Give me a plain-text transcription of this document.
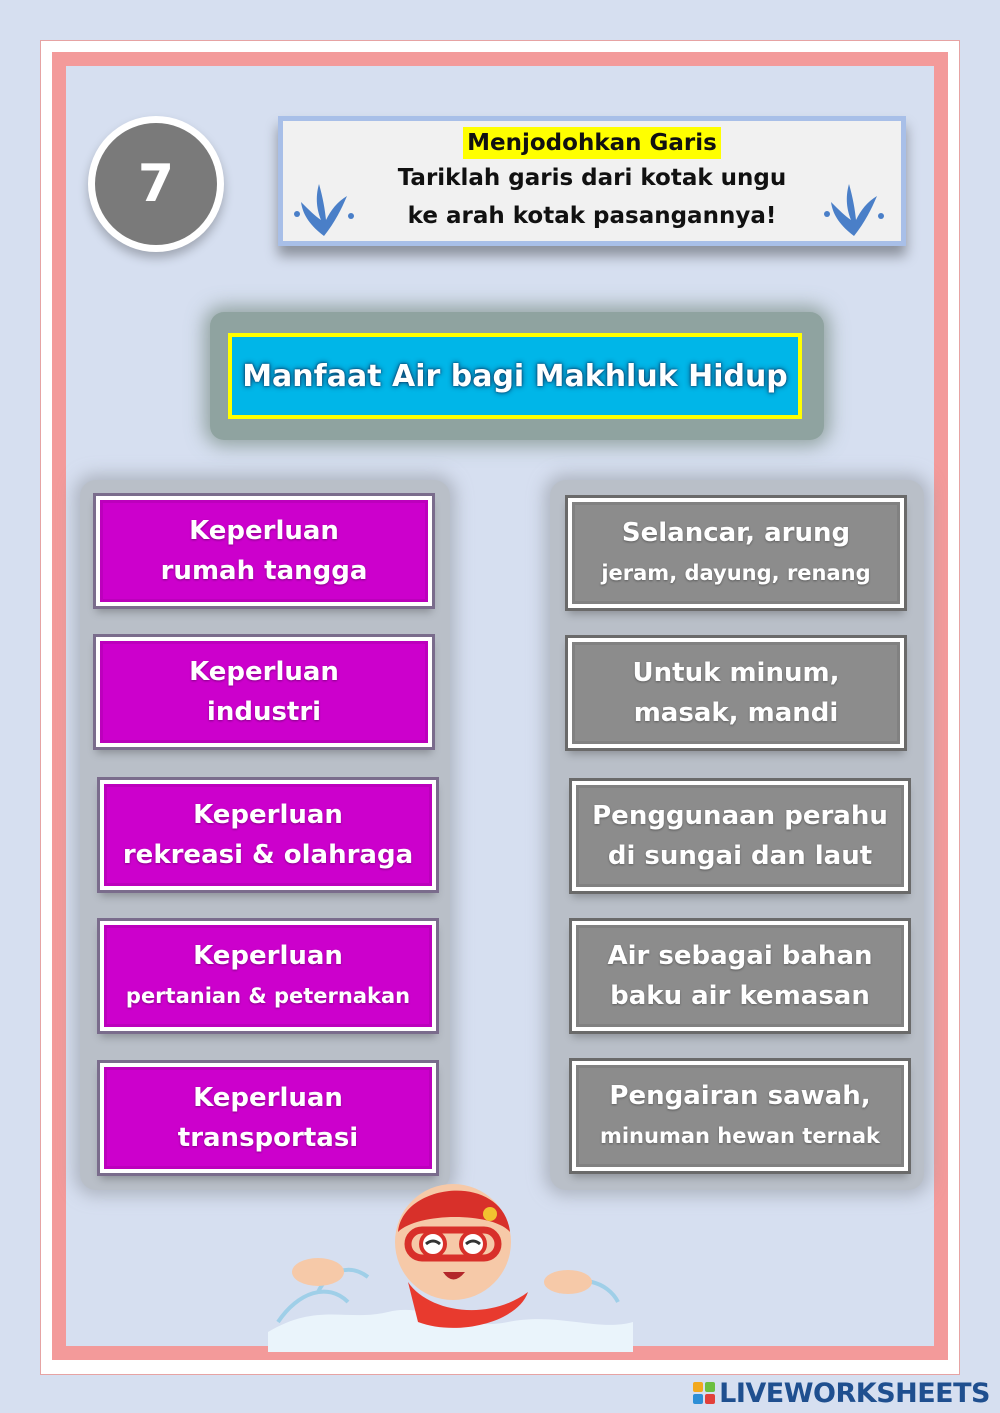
7
Menjodohkan Garis
Tariklah garis dari kotak ungu
ke arah kotak pasangannya!
Manfaat Air bagi Makhluk Hidup
Keperluan
rumah tangga
Keperluan
industri
Keperluan
rekreasi & olahraga
Keperluan
pertanian & peternakan
Keperluan
transportasi
Selancar, arung
jeram, dayung, renang
Untuk minum,
masak, mandi
Penggunaan perahu
di sungai dan laut
Air sebagai bahan
baku air kemasan
Pengairan sawah,
minuman hewan ternak
LIVEWORKSHEETS
